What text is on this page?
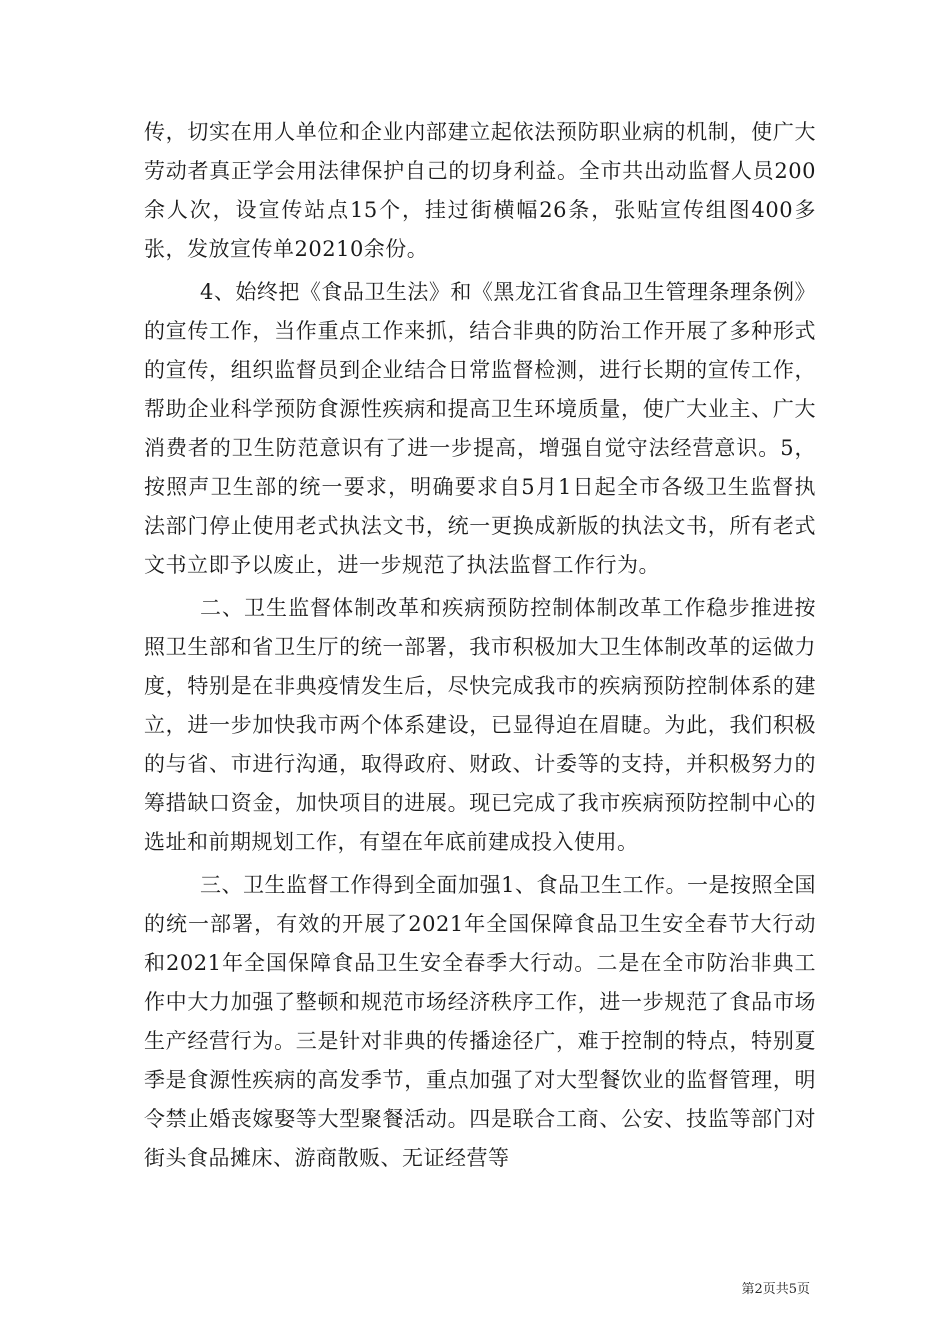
传，切实在用人单位和企业内部建立起依法预防职业病的机制，使广大劳动者真正学会用法律保护自己的切身利益。全市共出动监督人员200余人次，设宣传站点15个，挂过街横幅26条，张贴宣传组图400多张，发放宣传单20210余份。

4、始终把《食品卫生法》和《黑龙江省食品卫生管理条理条例》的宣传工作，当作重点工作来抓，结合非典的防治工作开展了多种形式的宣传，组织监督员到企业结合日常监督检测，进行长期的宣传工作，帮助企业科学预防食源性疾病和提高卫生环境质量，使广大业主、广大消费者的卫生防范意识有了进一步提高，增强自觉守法经营意识。5，按照声卫生部的统一要求，明确要求自5月1日起全市各级卫生监督执法部门停止使用老式执法文书，统一更换成新版的执法文书，所有老式文书立即予以废止，进一步规范了执法监督工作行为。

二、卫生监督体制改革和疾病预防控制体制改革工作稳步推进按照卫生部和省卫生厅的统一部署，我市积极加大卫生体制改革的运做力度，特别是在非典疫情发生后，尽快完成我市的疾病预防控制体系的建立，进一步加快我市两个体系建设，已显得迫在眉睫。为此，我们积极的与省、市进行沟通，取得政府、财政、计委等的支持，并积极努力的筹措缺口资金，加快项目的进展。现已完成了我市疾病预防控制中心的选址和前期规划工作，有望在年底前建成投入使用。

三、卫生监督工作得到全面加强1、食品卫生工作。一是按照全国的统一部署，有效的开展了2021年全国保障食品卫生安全春节大行动和2021年全国保障食品卫生安全春季大行动。二是在全市防治非典工作中大力加强了整顿和规范市场经济秩序工作，进一步规范了食品市场生产经营行为。三是针对非典的传播途径广，难于控制的特点，特别夏季是食源性疾病的高发季节，重点加强了对大型餐饮业的监督管理，明令禁止婚丧嫁娶等大型聚餐活动。四是联合工商、公安、技监等部门对街头食品摊床、游商散贩、无证经营等

第2页共5页
